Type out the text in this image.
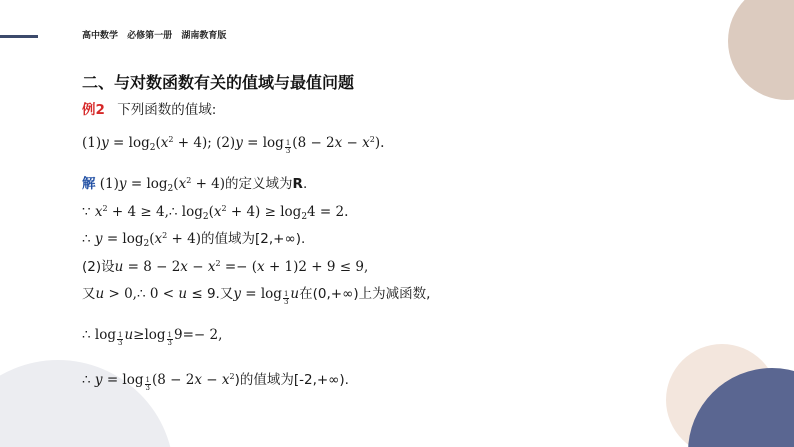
高中数学 必修第一册 湖南教育版
二、与对数函数有关的值域与最值问题
例2 下列函数的值域:
$(1)y = \log_2(x^2 + 4)$; $(2)y = \log \frac{1}{3} (8 - 2x - x^2)$.
解 $(1)y = \log_2(x^2 + 4)$的定义域为R.
∵ $x^2 + 4$ ≥ 4,∴ $\log_2(x^2 + 4) \ge \log_24 = 2$.
∴ $y = \log_2(x^2 + 4)$的值域为[2,+∞).
(2)设$u = 8 - 2x - x^2 =- (x + 1)2 + 9 \le 9$,
又u > 0,∴ 0 < u ≤ 9.又$y = \log \frac{1}{3}$ u在(0,+∞)上为减函数,
∴ $\log \frac{1}{3} u\ge\log \frac{1}{3} 9=- 2$,
∴ $y = \log \frac{1}{3} (8 - 2x - x^2)$的值域为[-2,+∞).
